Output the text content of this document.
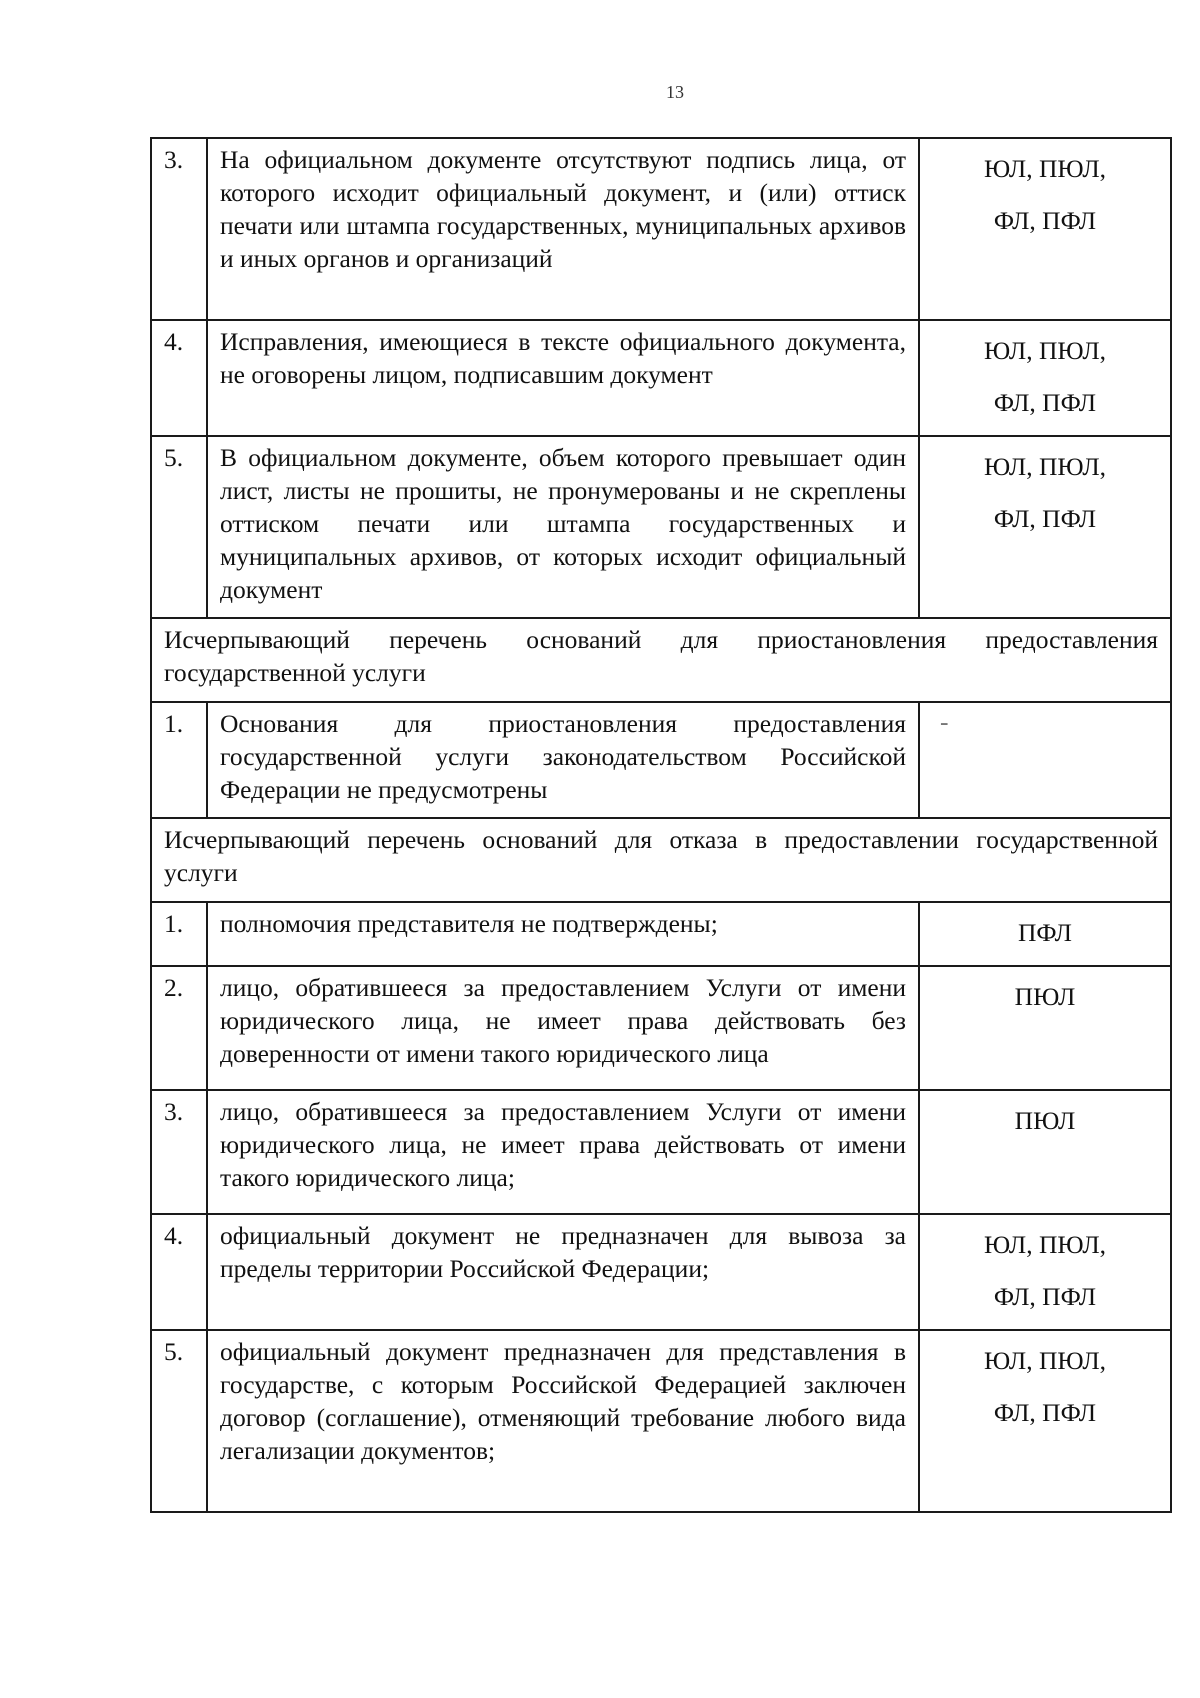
13
3.	На официальном документе отсутствуют подпись лица, от которого исходит официальный документ, и (или) оттиск печати или штампа государственных, муниципальных архивов и иных органов и организаций	ЮЛ, ПЮЛ,
ФЛ, ПФЛ

4.	Исправления, имеющиеся в тексте официального документа, не оговорены лицом, подписавшим документ	ЮЛ, ПЮЛ,
ФЛ, ПФЛ

5.	В официальном документе, объем которого превышает один лист, листы не прошиты, не пронумерованы и не скреплены оттиском печати или штампа государственных и муниципальных архивов, от которых исходит официальный документ	ЮЛ, ПЮЛ,
ФЛ, ПФЛ

Исчерпывающий перечень оснований для приостановления предоставления государственной услуги		
1.	Основания для приостановления предоставления государственной услуги законодательством Российской Федерации не предусмотрены	-

Исчерпывающий перечень оснований для отказа в предоставлении государственной услуги		
1.	полномочия представителя не подтверждены;	ПФЛ

2.	лицо, обратившееся за предоставлением Услуги от имени юридического лица, не имеет права действовать без доверенности от имени такого юридического лица	ПЮЛ

3.	лицо, обратившееся за предоставлением Услуги от имени юридического лица, не имеет права действовать от имени такого юридического лица;	ПЮЛ

4.	официальный документ не предназначен для вывоза за пределы территории Российской Федерации;	ЮЛ, ПЮЛ,
ФЛ, ПФЛ

5.	официальный документ предназначен для представления в государстве, с которым Российской Федерацией заключен договор (соглашение), отменяющий требование любого вида легализации документов;	ЮЛ, ПЮЛ,
ФЛ, ПФЛ
